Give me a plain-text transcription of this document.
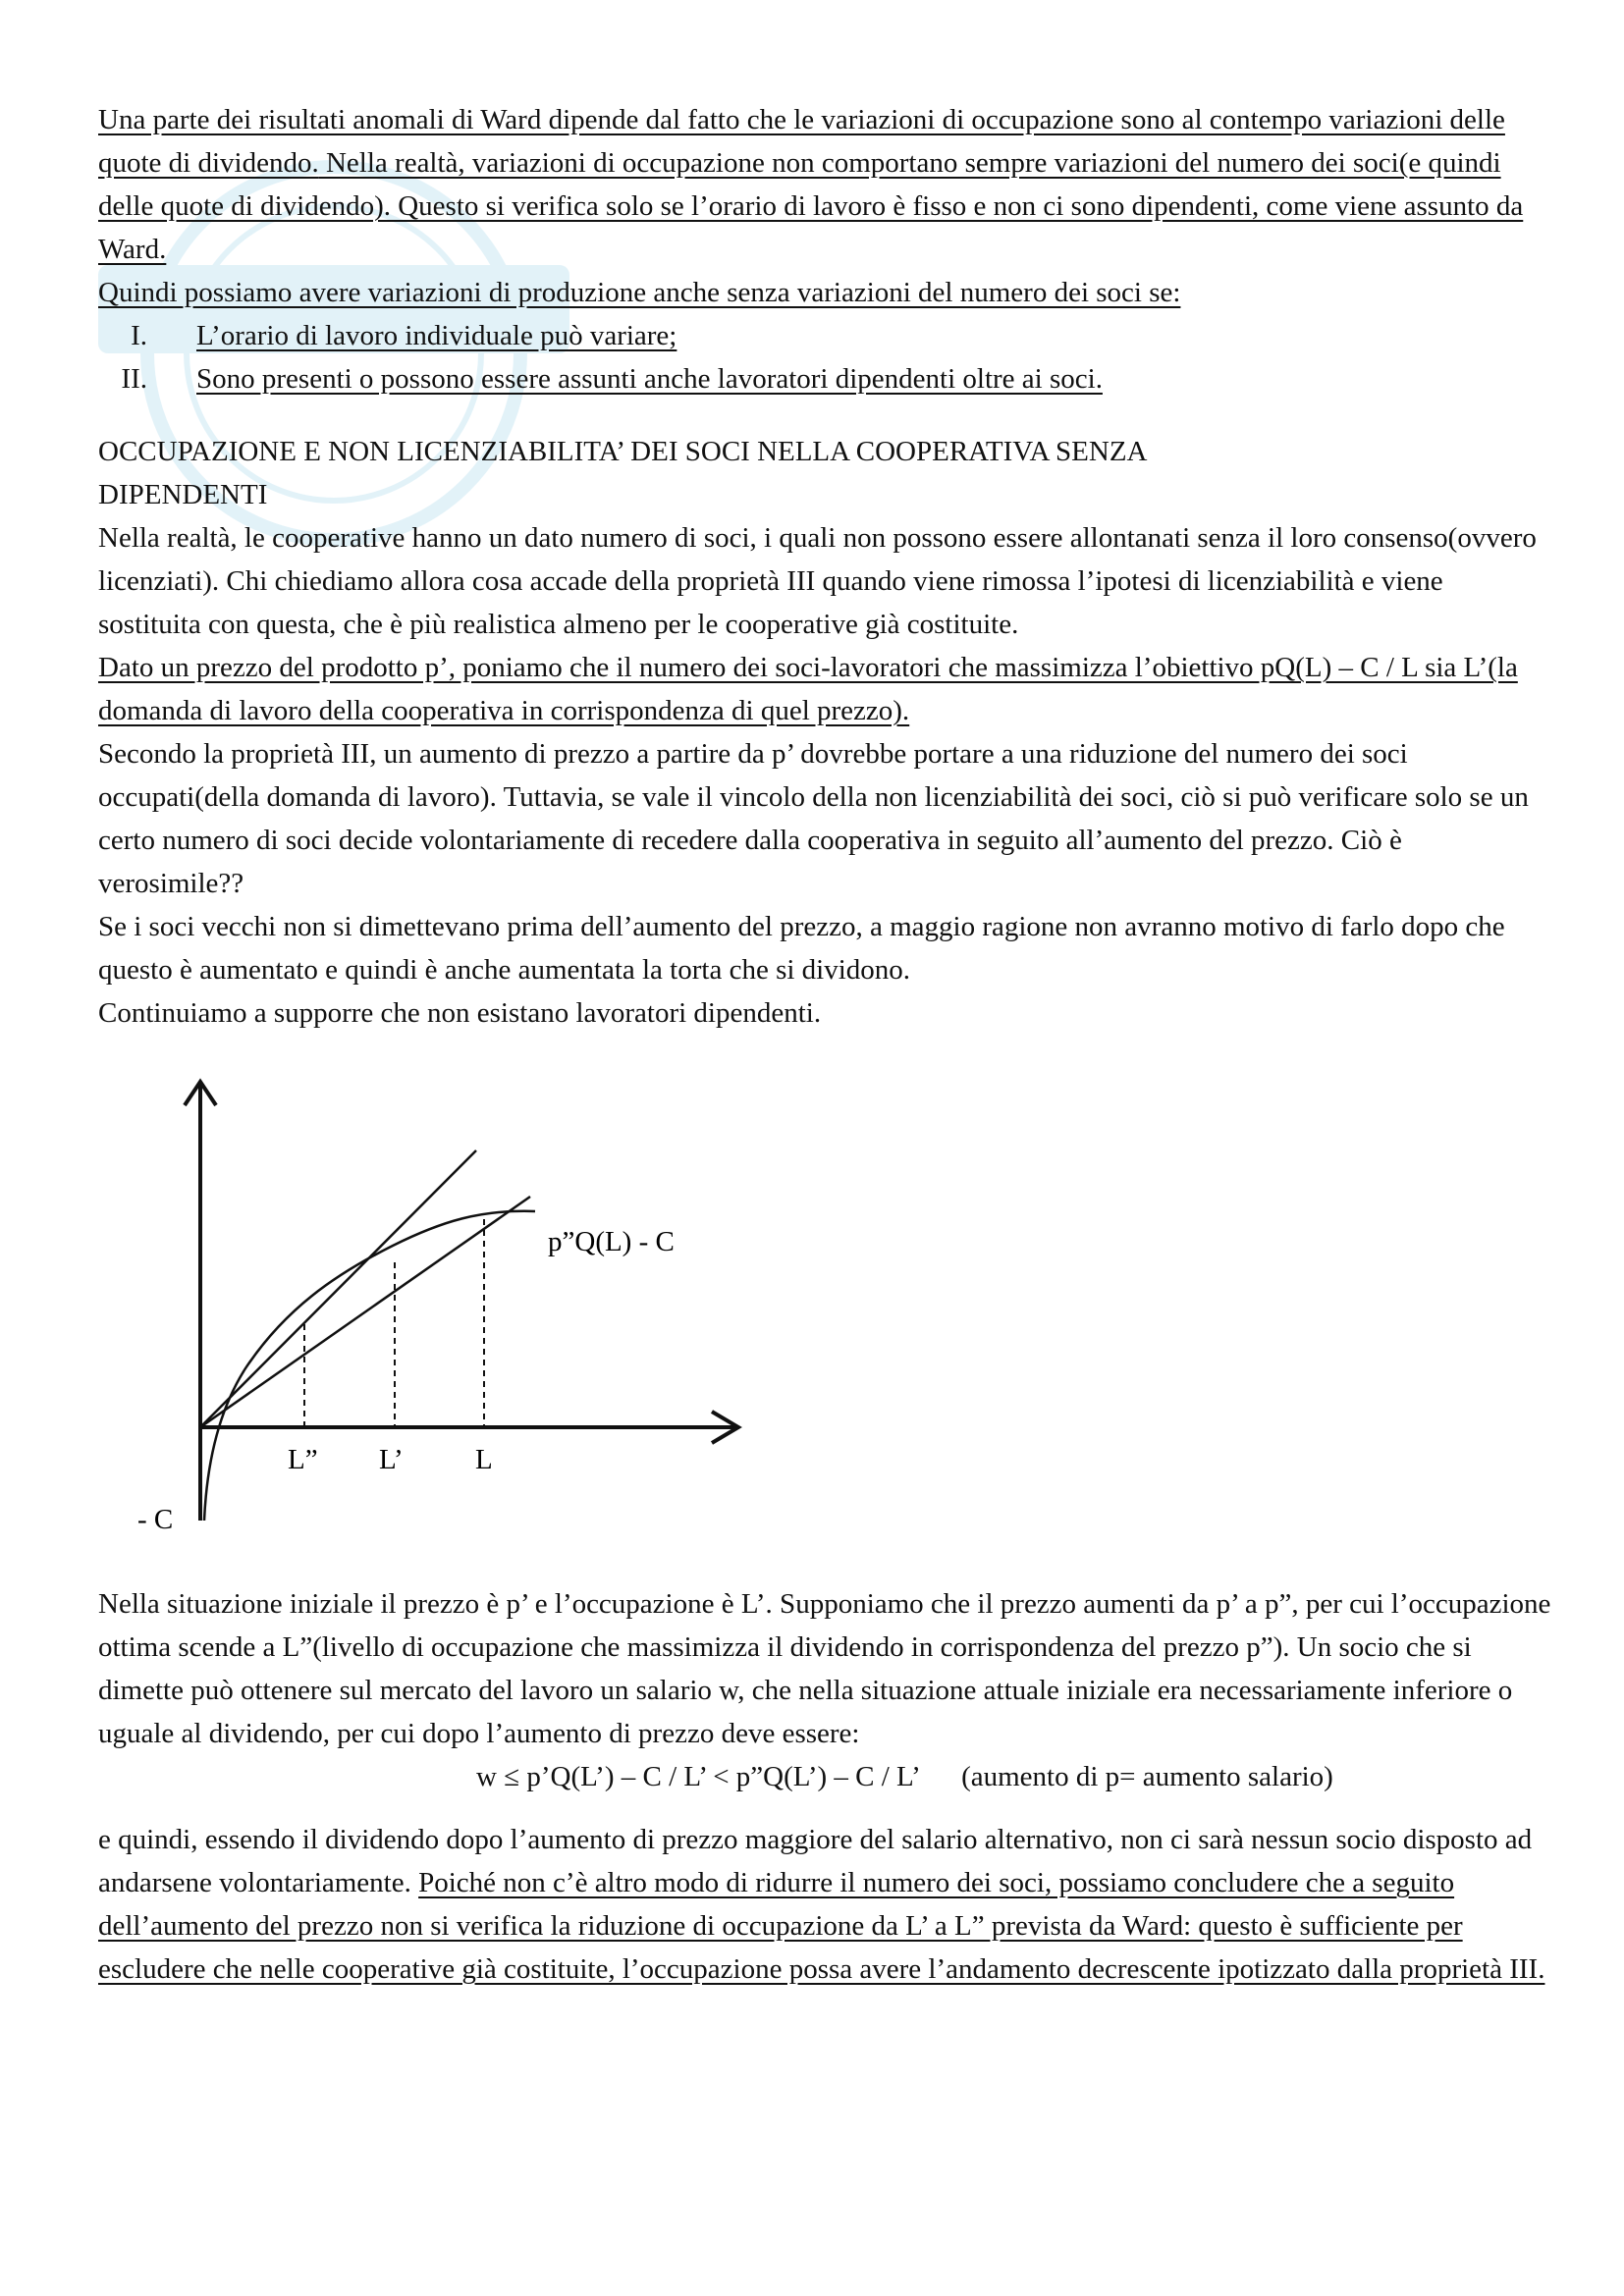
Una parte dei risultati anomali di Ward dipende dal fatto che le variazioni di occupazione sono al contempo variazioni delle quote di dividendo. Nella realtà, variazioni di occupazione non comportano sempre variazioni del numero dei soci(e quindi delle quote di dividendo). Questo si verifica solo se l’orario di lavoro è fisso e non ci sono dipendenti, come viene assunto da Ward.

Quindi possiamo avere variazioni di produzione anche senza variazioni del numero dei soci se:

I. L’orario di lavoro individuale può variare;
II. Sono presenti o possono essere assunti anche lavoratori dipendenti oltre ai soci.

OCCUPAZIONE E NON LICENZIABILITA’ DEI SOCI NELLA COOPERATIVA SENZA DIPENDENTI

Nella realtà, le cooperative hanno un dato numero di soci, i quali non possono essere allontanati senza il loro consenso(ovvero licenziati). Chi chiediamo allora cosa accade della proprietà III quando viene rimossa l’ipotesi di licenziabilità e viene sostituita con questa, che è più realistica almeno per le cooperative già costituite.

Dato un prezzo del prodotto p’, poniamo che il numero dei soci-lavoratori che massimizza l’obiettivo pQ(L) – C / L sia L’(la domanda di lavoro della cooperativa in corrispondenza di quel prezzo).

Secondo la proprietà III, un aumento di prezzo a partire da p’ dovrebbe portare a una riduzione del numero dei soci occupati(della domanda di lavoro). Tuttavia, se vale il vincolo della non licenziabilità dei soci, ciò si può verificare solo se un certo numero di soci decide volontariamente di recedere dalla cooperativa in seguito all’aumento del prezzo. Ciò è verosimile??

Se i soci vecchi non si dimettevano prima dell’aumento del prezzo, a maggio ragione non avranno motivo di farlo dopo che questo è aumentato e quindi è anche aumentata la torta che si dividono.

Continuiamo a supporre che non esistano lavoratori dipendenti.

p”Q(L) - C
L” L’	L
- C

Nella situazione iniziale il prezzo è p’ e l’occupazione è L’. Supponiamo che il prezzo aumenti da p’ a p”, per cui l’occupazione ottima scende a L”(livello di occupazione che massimizza il dividendo in corrispondenza del prezzo p”). Un socio che si dimette può ottenere sul mercato del lavoro un salario w, che nella situazione attuale iniziale era necessariamente inferiore o uguale al dividendo, per cui dopo l’aumento di prezzo deve essere:

w ≤ p’Q(L’) – C / L’ < p”Q(L’) – C / L’      (aumento di p= aumento salario)

e quindi, essendo il dividendo dopo l’aumento di prezzo maggiore del salario alternativo, non ci sarà nessun socio disposto ad andarsene volontariamente. Poiché non c’è altro modo di ridurre il numero dei soci, possiamo concludere che a seguito dell’aumento del prezzo non si verifica la riduzione di occupazione da L’ a L” prevista da Ward: questo è sufficiente per escludere che nelle cooperative già costituite, l’occupazione possa avere l’andamento decrescente ipotizzato dalla proprietà III.
